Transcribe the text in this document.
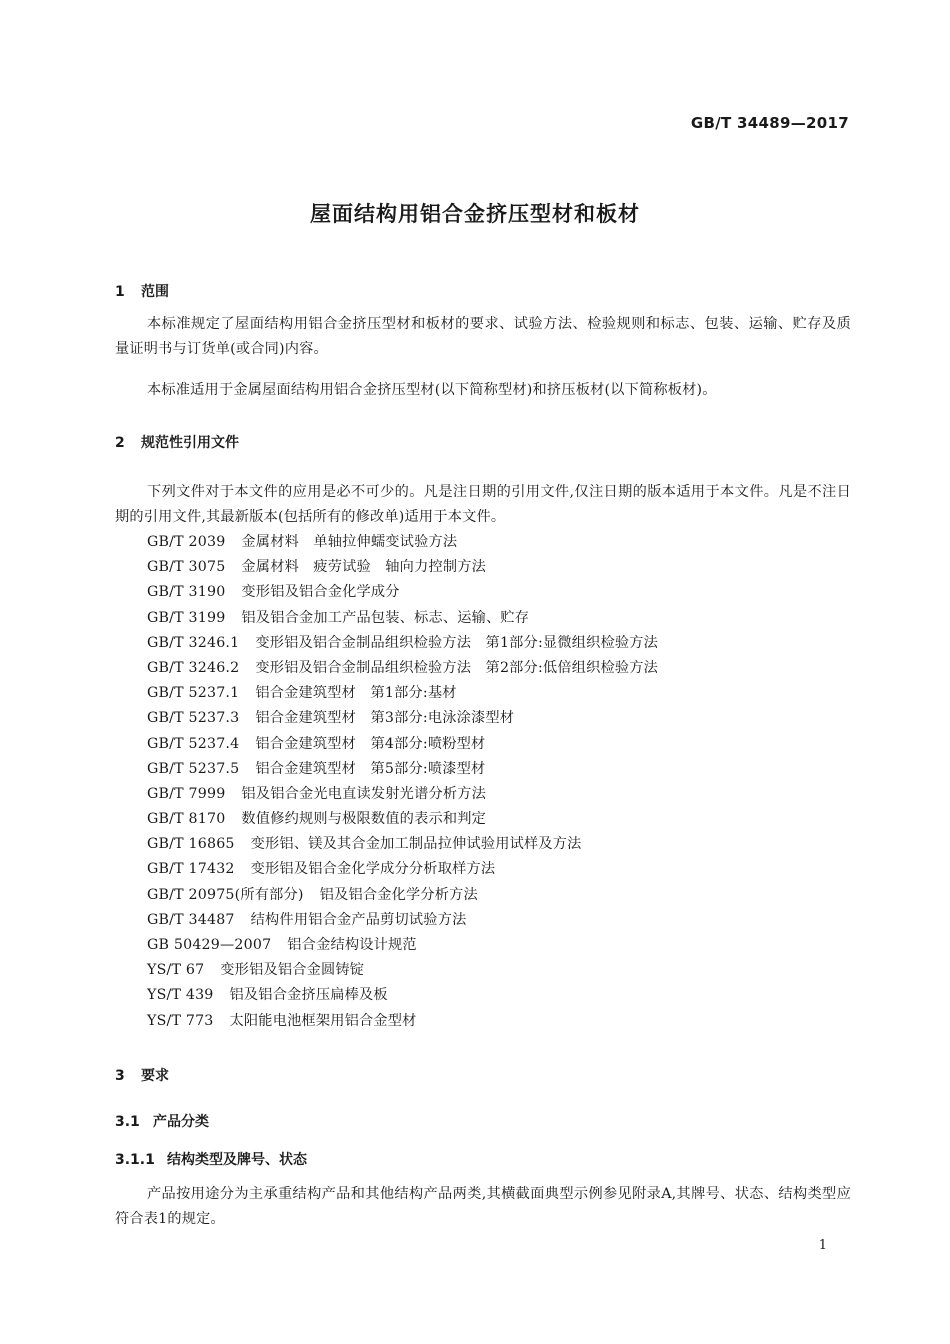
GB/T 34489—2017
屋面结构用铝合金挤压型材和板材
1 范围

本标准规定了屋面结构用铝合金挤压型材和板材的要求、试验方法、检验规则和标志、包装、运输、贮存及质量证明书与订货单(或合同)内容。

本标准适用于金属屋面结构用铝合金挤压型材(以下简称型材)和挤压板材(以下简称板材)。

2 规范性引用文件

下列文件对于本文件的应用是必不可少的。凡是注日期的引用文件,仅注日期的版本适用于本文件。凡是不注日期的引用文件,其最新版本(包括所有的修改单)适用于本文件。

GB/T 2039 金属材料　单轴拉伸蠕变试验方法
GB/T 3075 金属材料　疲劳试验　轴向力控制方法
GB/T 3190 变形铝及铝合金化学成分
GB/T 3199 铝及铝合金加工产品包装、标志、运输、贮存
GB/T 3246.1 变形铝及铝合金制品组织检验方法　第1部分:显微组织检验方法
GB/T 3246.2 变形铝及铝合金制品组织检验方法　第2部分:低倍组织检验方法
GB/T 5237.1 铝合金建筑型材　第1部分:基材
GB/T 5237.3 铝合金建筑型材　第3部分:电泳涂漆型材
GB/T 5237.4 铝合金建筑型材　第4部分:喷粉型材
GB/T 5237.5 铝合金建筑型材　第5部分:喷漆型材
GB/T 7999 铝及铝合金光电直读发射光谱分析方法
GB/T 8170 数值修约规则与极限数值的表示和判定
GB/T 16865 变形铝、镁及其合金加工制品拉伸试验用试样及方法
GB/T 17432 变形铝及铝合金化学成分分析取样方法
GB/T 20975(所有部分) 铝及铝合金化学分析方法
GB/T 34487 结构件用铝合金产品剪切试验方法
GB 50429—2007 铝合金结构设计规范
YS/T 67 变形铝及铝合金圆铸锭
YS/T 439 铝及铝合金挤压扁棒及板
YS/T 773 太阳能电池框架用铝合金型材
3 要求
3.1 产品分类
3.1.1 结构类型及牌号、状态

产品按用途分为主承重结构产品和其他结构产品两类,其横截面典型示例参见附录A,其牌号、状态、结构类型应符合表1的规定。

1
